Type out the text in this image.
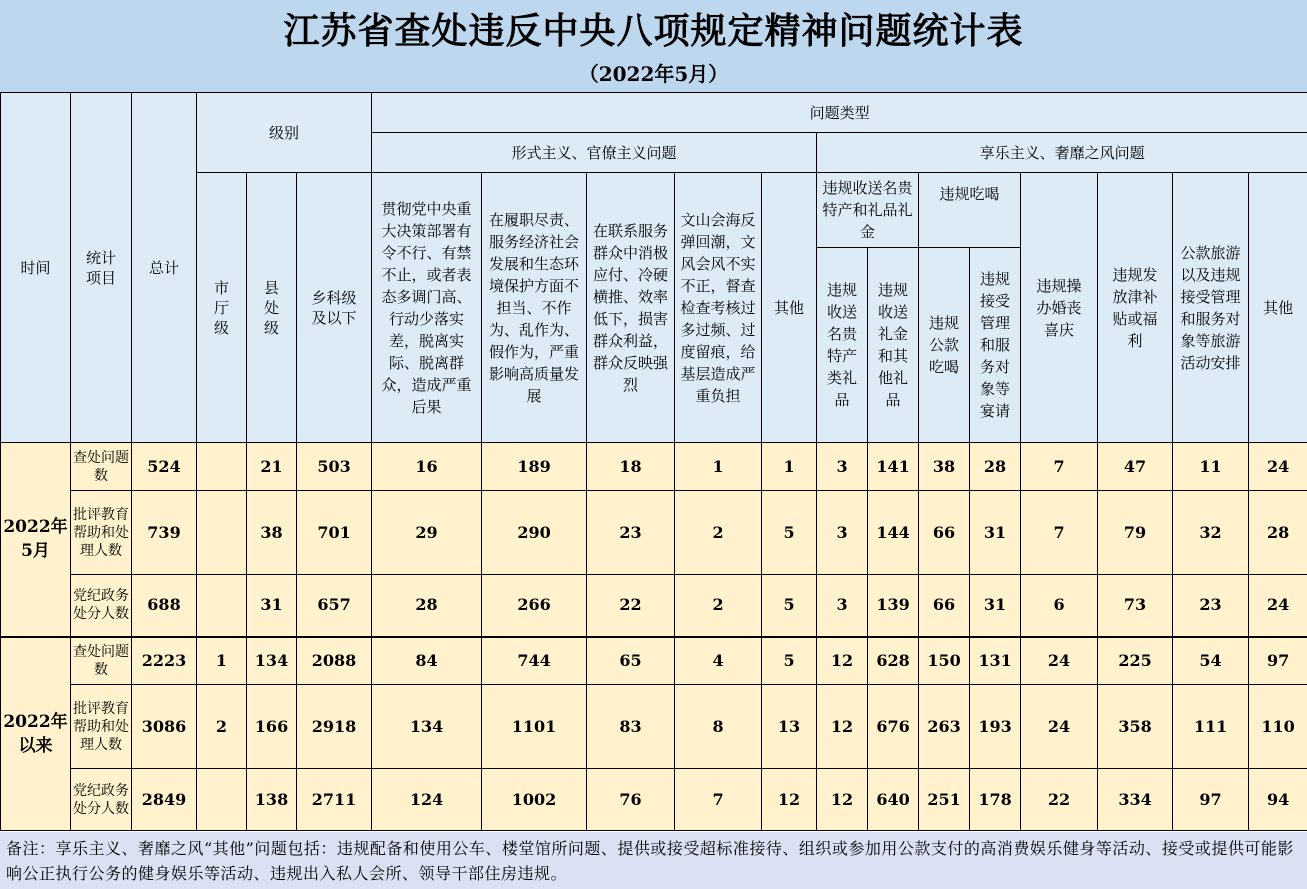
江苏省查处违反中央八项规定精神问题统计表
（2022年5月）
时间	统计项目	总计	级别			问题类型												
						形式主义、官僚主义问题					享乐主义、奢靡之风问题							
			市厅级	县处级	乡科级及以下	贯彻党中央重大决策部署有令不行、有禁不止，或者表态多调门高、行动少落实差，脱离实际、脱离群众，造成严重后果	在履职尽责、服务经济社会发展和生态环境保护方面不担当、不作为、乱作为、假作为，严重影响高质量发展	在联系服务群众中消极应付、冷硬横推、效率低下，损害群众利益，群众反映强烈	文山会海反弹回潮，文风会风不实不正，督查检查考核过多过频、过度留痕，给基层造成严重负担	其他	违规收送名贵特产和礼品礼金		违规吃喝		违规操办婚丧喜庆	违规发放津补贴或福利	公款旅游以及违规接受管理和服务对象等旅游活动安排	其他
											违规收送名贵特产类礼品	违规收送礼金和其他礼品	违规公款吃喝	违规接受管理和服务对象等宴请				
2022年5月	查处问题数	524		21	503	16	189	18	1	1	3	141	38	28	7	47	11	24
	批评教育帮助和处理人数	739		38	701	29	290	23	2	5	3	144	66	31	7	79	32	28
	党纪政务处分人数	688		31	657	28	266	22	2	5	3	139	66	31	6	73	23	24
2022年以来	查处问题数	2223	1	134	2088	84	744	65	4	5	12	628	150	131	24	225	54	97
	批评教育帮助和处理人数	3086	2	166	2918	134	1101	83	8	13	12	676	263	193	24	358	111	110
	党纪政务处分人数	2849		138	2711	124	1002	76	7	12	12	640	251	178	22	334	97	94
备注：享乐主义、奢靡之风“其他”问题包括：违规配备和使用公车、楼堂馆所问题、提供或接受超标准接待、组织或参加用公款支付的高消费娱乐健身等活动、接受或提供可能影响公正执行公务的健身娱乐等活动、违规出入私人会所、领导干部住房违规。
